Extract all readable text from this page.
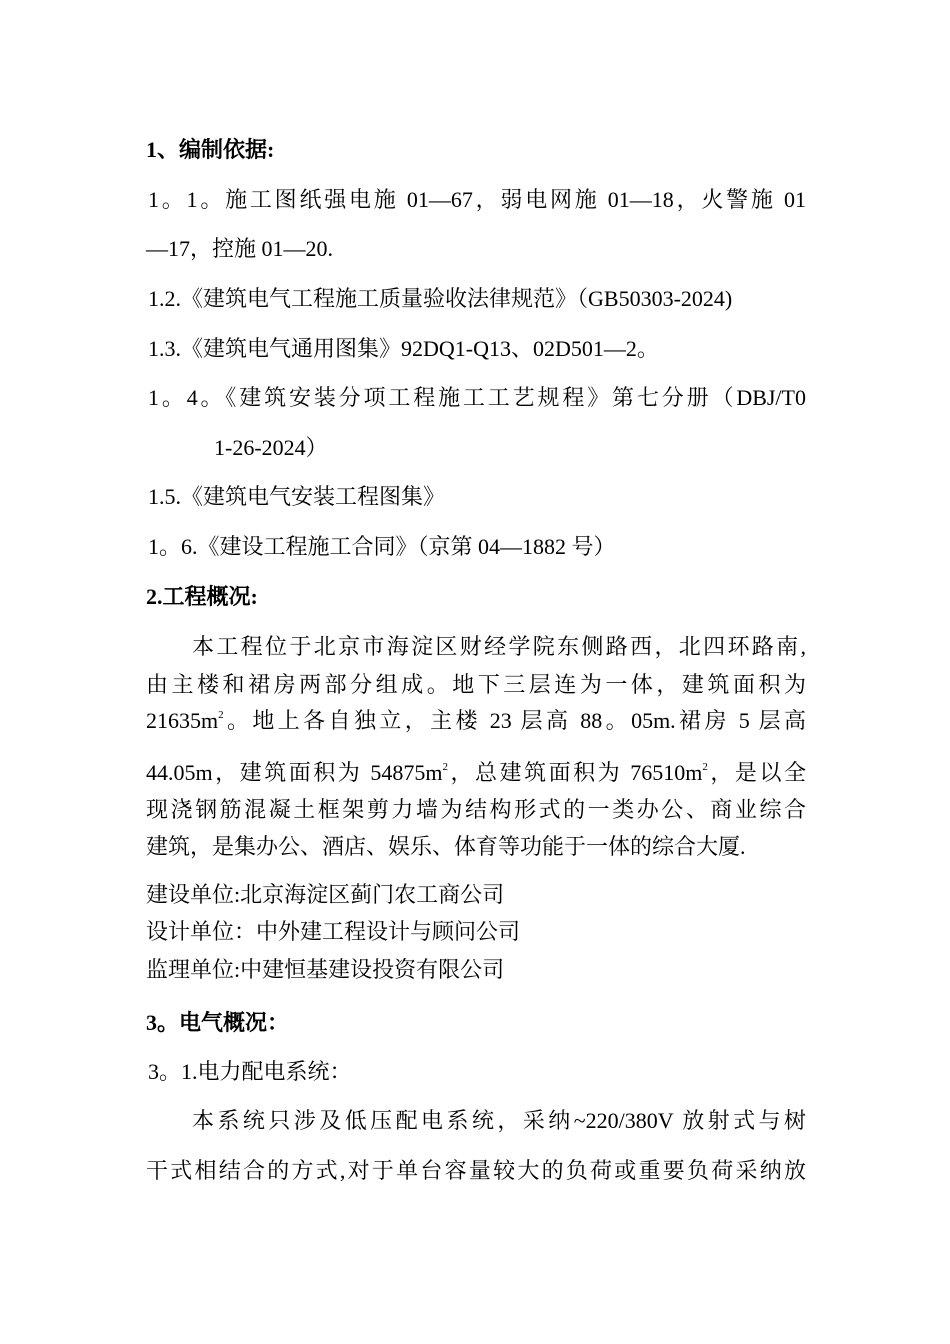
1、编制依据:
1。1。施工图纸强电施 01—67，弱电网施 01—18，火警施 01
—17，控施 01—20.
1.2.《建筑电气工程施工质量验收法律规范》（GB50303-2024)
1.3.《建筑电气通用图集》92DQ1-Q13、02D501—2。
1。4。《建筑安装分项工程施工工艺规程》第七分册（DBJ/T0
1-26-2024）
1.5.《建筑电气安装工程图集》
1。6.《建设工程施工合同》（京第 04—1882 号）
2.工程概况:
本工程位于北京市海淀区财经学院东侧路西，北四环路南,
由主楼和裙房两部分组成。地下三层连为一体，建筑面积为
$21635m^2$。地上各自独立，主楼 23 层高 88。05m.裙房 5 层高
44.05m，建筑面积为 $54875m^2$，总建筑面积为 $76510m^2$，是以全
现浇钢筋混凝土框架剪力墙为结构形式的一类办公、商业综合
建筑，是集办公、酒店、娱乐、体育等功能于一体的综合大厦.
建设单位:北京海淀区蓟门农工商公司
设计单位：中外建工程设计与顾问公司
监理单位:中建恒基建设投资有限公司
3。电气概况：
3。1.电力配电系统：
本系统只涉及低压配电系统，采纳~220/380V 放射式与树
干式相结合的方式,对于单台容量较大的负荷或重要负荷采纳放
